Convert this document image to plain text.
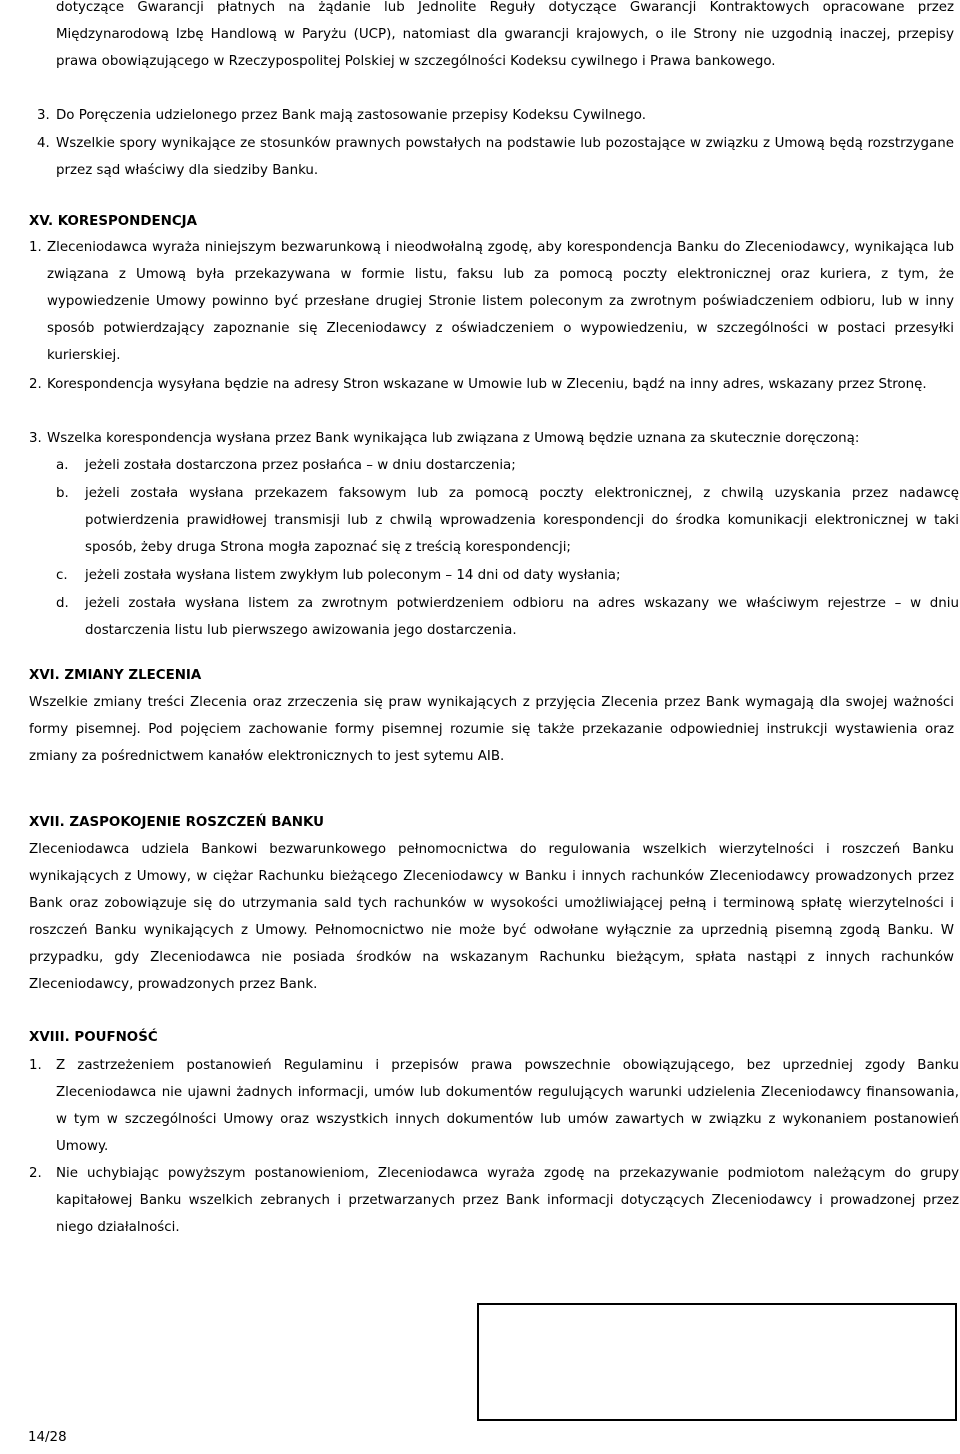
dotyczące Gwarancji płatnych na żądanie lub Jednolite Reguły dotyczące Gwarancji Kontraktowych opracowane przez Międzynarodową Izbę Handlową w Paryżu (UCP), natomiast dla gwarancji krajowych, o ile Strony nie uzgodnią inaczej, przepisy prawa obowiązującego w Rzeczypospolitej Polskiej w szczególności Kodeksu cywilnego i Prawa bankowego.
3. Do Poręczenia udzielonego przez Bank mają zastosowanie przepisy Kodeksu Cywilnego.
4. Wszelkie spory wynikające ze stosunków prawnych powstałych na podstawie lub pozostające w związku z Umową będą rozstrzygane przez sąd właściwy dla siedziby Banku.
XV. KORESPONDENCJA
1. Zleceniodawca wyraża niniejszym bezwarunkową i nieodwołalną zgodę, aby korespondencja Banku do Zleceniodawcy, wynikająca lub związana z Umową była przekazywana w formie listu, faksu lub za pomocą poczty elektronicznej oraz kuriera, z tym, że wypowiedzenie Umowy powinno być przesłane drugiej Stronie listem poleconym za zwrotnym poświadczeniem odbioru, lub w inny sposób potwierdzający zapoznanie się Zleceniodawcy z oświadczeniem o wypowiedzeniu, w szczególności w postaci przesyłki kurierskiej.
2. Korespondencja wysyłana będzie na adresy Stron wskazane w Umowie lub w Zleceniu, bądź na inny adres, wskazany przez Stronę.
3. Wszelka korespondencja wysłana przez Bank wynikająca lub związana z Umową będzie uznana za skutecznie doręczoną:
a. jeżeli została dostarczona przez posłańca – w dniu dostarczenia;
b. jeżeli została wysłana przekazem faksowym lub za pomocą poczty elektronicznej, z chwilą uzyskania przez nadawcę potwierdzenia prawidłowej transmisji lub z chwilą wprowadzenia korespondencji do środka komunikacji elektronicznej w taki sposób, żeby druga Strona mogła zapoznać się z treścią korespondencji;
c. jeżeli została wysłana listem zwykłym lub poleconym – 14 dni od daty wysłania;
d. jeżeli została wysłana listem za zwrotnym potwierdzeniem odbioru na adres wskazany we właściwym rejestrze – w dniu dostarczenia listu lub pierwszego awizowania jego dostarczenia.
XVI. ZMIANY ZLECENIA
Wszelkie zmiany treści Zlecenia oraz zrzeczenia się praw wynikających z przyjęcia Zlecenia przez Bank wymagają dla swojej ważności formy pisemnej. Pod pojęciem zachowanie formy pisemnej rozumie się także przekazanie odpowiedniej instrukcji wystawienia oraz zmiany za pośrednictwem kanałów elektronicznych to jest sytemu AIB.
XVII. ZASPOKOJENIE ROSZCZEŃ BANKU
Zleceniodawca udziela Bankowi bezwarunkowego pełnomocnictwa do regulowania wszelkich wierzytelności i roszczeń Banku wynikających z Umowy, w ciężar Rachunku bieżącego Zleceniodawcy w Banku i innych rachunków Zleceniodawcy prowadzonych przez Bank oraz zobowiązuje się do utrzymania sald tych rachunków w wysokości umożliwiającej pełną i terminową spłatę wierzytelności i roszczeń Banku wynikających z Umowy. Pełnomocnictwo nie może być odwołane wyłącznie za uprzednią pisemną zgodą Banku. W przypadku, gdy Zleceniodawca nie posiada środków na wskazanym Rachunku bieżącym, spłata nastąpi z innych rachunków Zleceniodawcy, prowadzonych przez Bank.
XVIII. POUFNOŚĆ
1. Z zastrzeżeniem postanowień Regulaminu i przepisów prawa powszechnie obowiązującego, bez uprzedniej zgody Banku Zleceniodawca nie ujawni żadnych informacji, umów lub dokumentów regulujących warunki udzielenia Zleceniodawcy finansowania, w tym w szczególności Umowy oraz wszystkich innych dokumentów lub umów zawartych w związku z wykonaniem postanowień Umowy.
2. Nie uchybiając powyższym postanowieniom, Zleceniodawca wyraża zgodę na przekazywanie podmiotom należącym do grupy kapitałowej Banku wszelkich zebranych i przetwarzanych przez Bank informacji dotyczących Zleceniodawcy i prowadzonej przez niego działalności.
14/28
